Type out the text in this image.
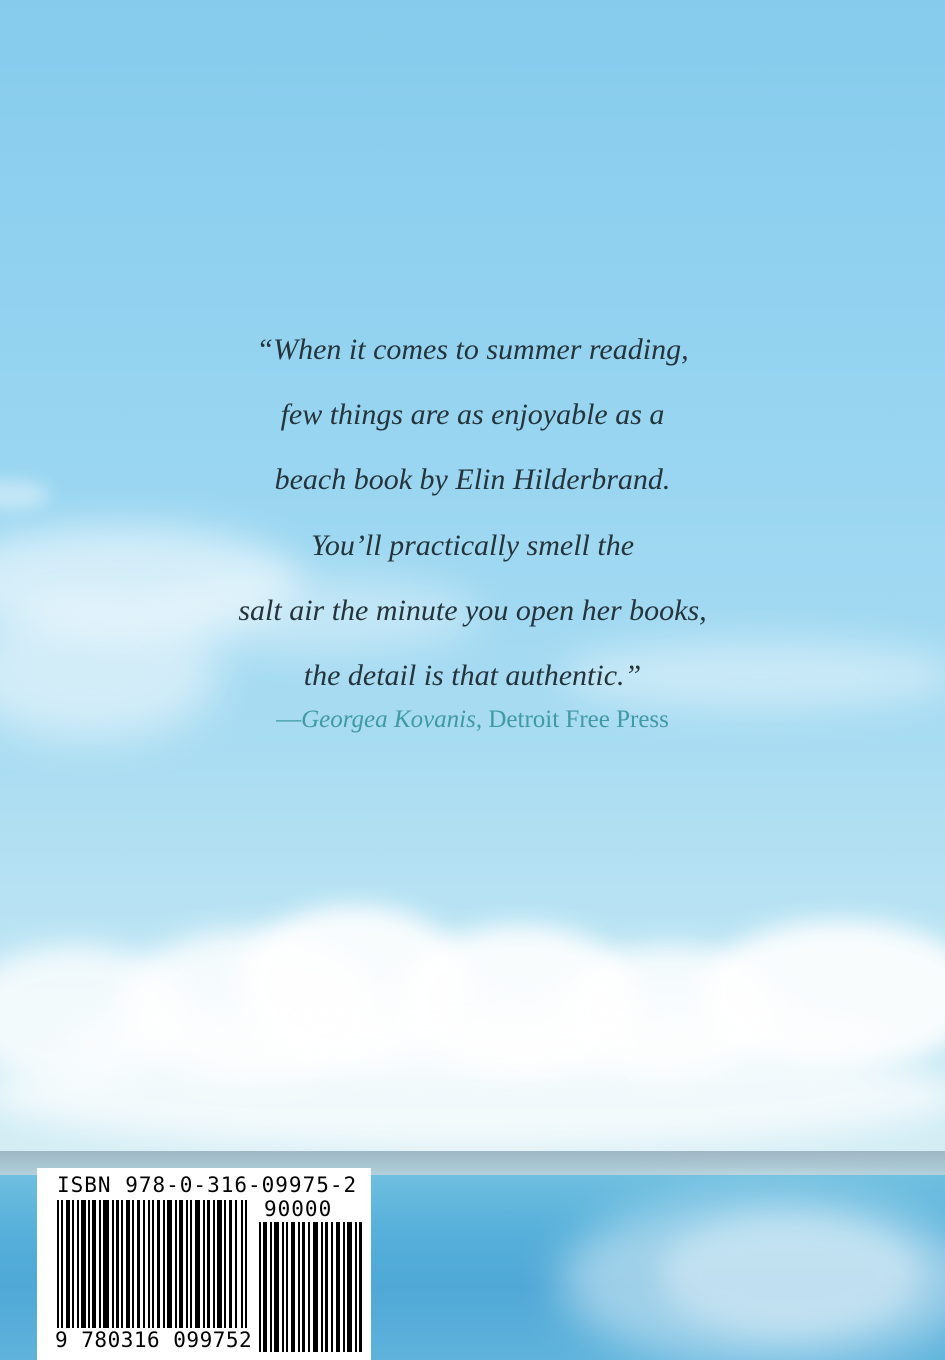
“When it comes to summer reading,
few things are as enjoyable as a
beach book by Elin Hilderbrand.
You’ll practically smell the
salt air the minute you open her books,
the detail is that authentic.”
—Georgea Kovanis, Detroit Free Press
ISBN 978-0-316-09975-2
90000
9 780316 099752
